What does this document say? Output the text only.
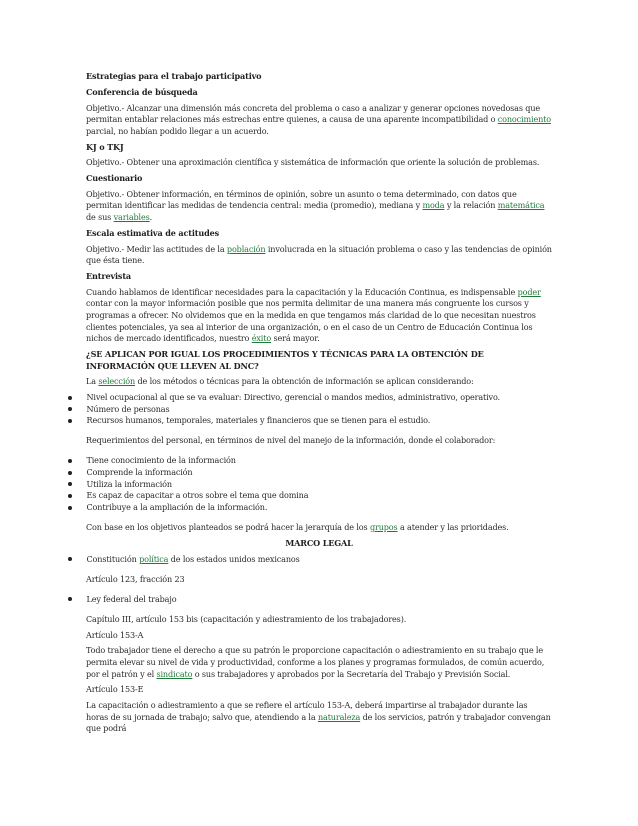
Estrategias para el trabajo participativo

Conferencia de búsqueda

Objetivo.- Alcanzar una dimensión más concreta del problema o caso a analizar y generar opciones novedosas que permitan entablar relaciones más estrechas entre quienes, a causa de una aparente incompatibilidad o conocimiento parcial, no habían podido llegar a un acuerdo.

KJ o TKJ

Objetivo.- Obtener una aproximación científica y sistemática de información que oriente la solución de problemas.

Cuestionario

Objetivo.- Obtener información, en términos de opinión, sobre un asunto o tema determinado, con datos que permitan identificar las medidas de tendencia central: media (promedio), mediana y moda y la relación matemática de sus variables.

Escala estimativa de actitudes

Objetivo.- Medir las actitudes de la población involucrada en la situación problema o caso y las tendencias de opinión que ésta tiene.

Entrevista

Cuando hablamos de identificar necesidades para la capacitación y la Educación Continua, es indispensable poder contar con la mayor información posible que nos permita delimitar de una manera más congruente los cursos y programas a ofrecer. No olvidemos que en la medida en que tengamos más claridad de lo que necesitan nuestros clientes potenciales, ya sea al interior de una organización, o en el caso de un Centro de Educación Continua los nichos de mercado identificados, nuestro éxito será mayor.

¿SE APLICAN POR IGUAL LOS PROCEDIMIENTOS Y TÉCNICAS PARA LA OBTENCIÓN DE INFORMACIÓN QUE LLEVEN AL DNC?

La selección de los métodos o técnicas para la obtención de información se aplican considerando:

Nivel ocupacional al que se va evaluar: Directivo, gerencial o mandos medios, administrativo, operativo.
Número de personas
Recursos humanos, temporales, materiales y financieros que se tienen para el estudio.

Requerimientos del personal, en términos de nivel del manejo de la información, donde el colaborador:

Tiene conocimiento de la información
Comprende la información
Utiliza la información
Es capaz de capacitar a otros sobre el tema que domina
Contribuye a la ampliación de la información.

Con base en los objetivos planteados se podrá hacer la jerarquía de los grupos a atender y las prioridades.

MARCO LEGAL

Constitución política de los estados unidos mexicanos

Artículo 123, fracción 23

Ley federal del trabajo

Capítulo III, artículo 153 bis (capacitación y adiestramiento de los trabajadores).

Artículo 153-A

Todo trabajador tiene el derecho a que su patrón le proporcione capacitación o adiestramiento en su trabajo que le permita elevar su nivel de vida y productividad, conforme a los planes y programas formulados, de común acuerdo, por el patrón y el sindicato o sus trabajadores y aprobados por la Secretaría del Trabajo y Previsión Social.

Artículo 153-E

La capacitación o adiestramiento a que se refiere el artículo 153-A, deberá impartirse al trabajador durante las horas de su jornada de trabajo; salvo que, atendiendo a la naturaleza de los servicios, patrón y trabajador convengan que podrá
